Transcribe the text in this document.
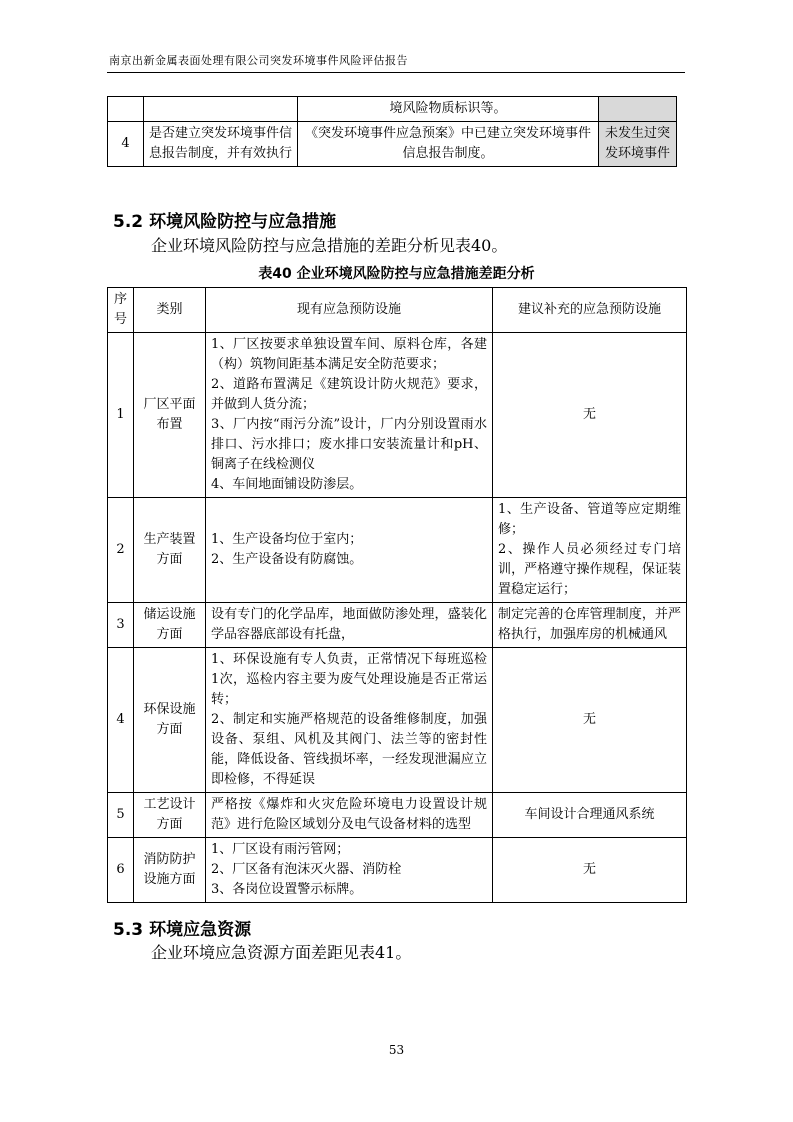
南京出新金属表面处理有限公司突发环境事件风险评估报告
		境风险物质标识等。	
4	是否建立突发环境事件信息报告制度，并有效执行	《突发环境事件应急预案》中已建立突发环境事件信息报告制度。	未发生过突发环境事件
5.2 环境风险防控与应急措施
企业环境风险防控与应急措施的差距分析见表40。
表40 企业环境风险防控与应急措施差距分析
序号	类别	现有应急预防设施	建议补充的应急预防设施
1	厂区平面布置	1、厂区按要求单独设置车间、原料仓库，各建（构）筑物间距基本满足安全防范要求；
2、道路布置满足《建筑设计防火规范》要求，并做到人货分流；
3、厂内按“雨污分流”设计，厂内分别设置雨水排口、污水排口；废水排口安装流量计和pH、铜离子在线检测仪
4、车间地面铺设防渗层。	无
2	生产装置方面	1、生产设备均位于室内；
2、生产设备设有防腐蚀。	1、生产设备、管道等应定期维修；
2、操作人员必须经过专门培训，严格遵守操作规程，保证装置稳定运行；
3	储运设施方面	设有专门的化学品库，地面做防渗处理，盛装化学品容器底部设有托盘，	制定完善的仓库管理制度，并严格执行，加强库房的机械通风
4	环保设施方面	1、环保设施有专人负责，正常情况下每班巡检1次，巡检内容主要为废气处理设施是否正常运转；
2、制定和实施严格规范的设备维修制度，加强设备、泵组、风机及其阀门、法兰等的密封性能，降低设备、管线损坏率，一经发现泄漏应立即检修，不得延误	无
5	工艺设计方面	严格按《爆炸和火灾危险环境电力设置设计规范》进行危险区域划分及电气设备材料的选型	车间设计合理通风系统
6	消防防护设施方面	1、厂区设有雨污管网；
2、厂区备有泡沫灭火器、消防栓
3、各岗位设置警示标牌。	无
5.3 环境应急资源
企业环境应急资源方面差距见表41。
53
